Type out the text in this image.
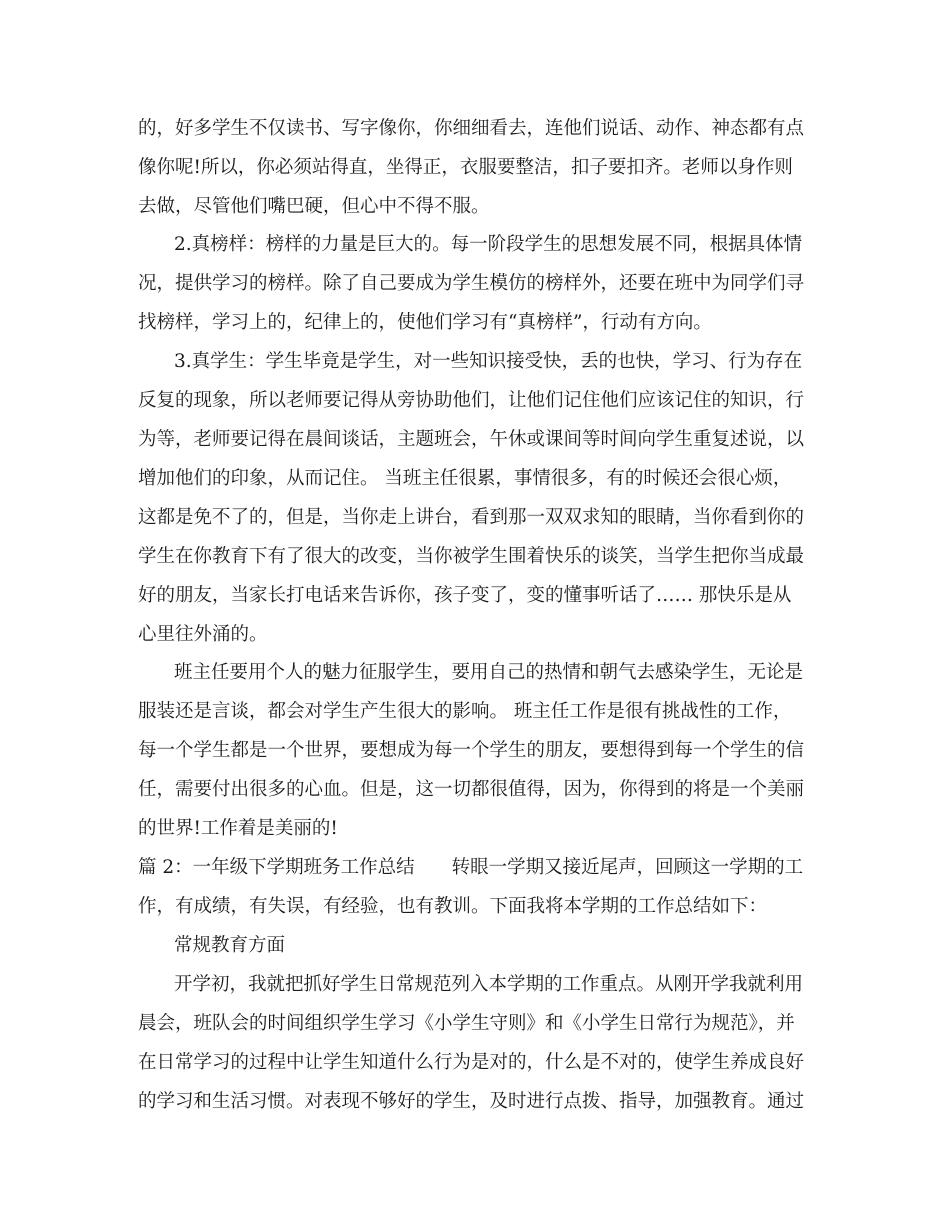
的，好多学生不仅读书、写字像你，你细细看去，连他们说话、动作、神态都有点
像你呢!所以，你必须站得直，坐得正，衣服要整洁，扣子要扣齐。老师以身作则
去做，尽管他们嘴巴硬，但心中不得不服。
2.真榜样：榜样的力量是巨大的。每一阶段学生的思想发展不同，根据具体情
况，提供学习的榜样。除了自己要成为学生模仿的榜样外，还要在班中为同学们寻
找榜样，学习上的，纪律上的，使他们学习有“真榜样”，行动有方向。
3.真学生：学生毕竟是学生，对一些知识接受快，丢的也快，学习、行为存在
反复的现象，所以老师要记得从旁协助他们，让他们记住他们应该记住的知识，行
为等，老师要记得在晨间谈话，主题班会，午休或课间等时间向学生重复述说，以
增加他们的印象，从而记住。 当班主任很累，事情很多，有的时候还会很心烦，
这都是免不了的，但是，当你走上讲台，看到那一双双求知的眼睛，当你看到你的
学生在你教育下有了很大的改变，当你被学生围着快乐的谈笑，当学生把你当成最
好的朋友，当家长打电话来告诉你，孩子变了，变的懂事听话了…… 那快乐是从
心里往外涌的。
班主任要用个人的魅力征服学生，要用自己的热情和朝气去感染学生，无论是
服装还是言谈，都会对学生产生很大的影响。 班主任工作是很有挑战性的工作，
每一个学生都是一个世界，要想成为每一个学生的朋友，要想得到每一个学生的信
任，需要付出很多的心血。但是，这一切都很值得，因为，你得到的将是一个美丽
的世界!工作着是美丽的!
篇 2：一年级下学期班务工作总结　　转眼一学期又接近尾声，回顾这一学期的工
作，有成绩，有失误，有经验，也有教训。下面我将本学期的工作总结如下：
常规教育方面
开学初，我就把抓好学生日常规范列入本学期的工作重点。从刚开学我就利用
晨会，班队会的时间组织学生学习《小学生守则》和《小学生日常行为规范》，并
在日常学习的过程中让学生知道什么行为是对的，什么是不对的，使学生养成良好
的学习和生活习惯。对表现不够好的学生，及时进行点拨、指导，加强教育。通过
